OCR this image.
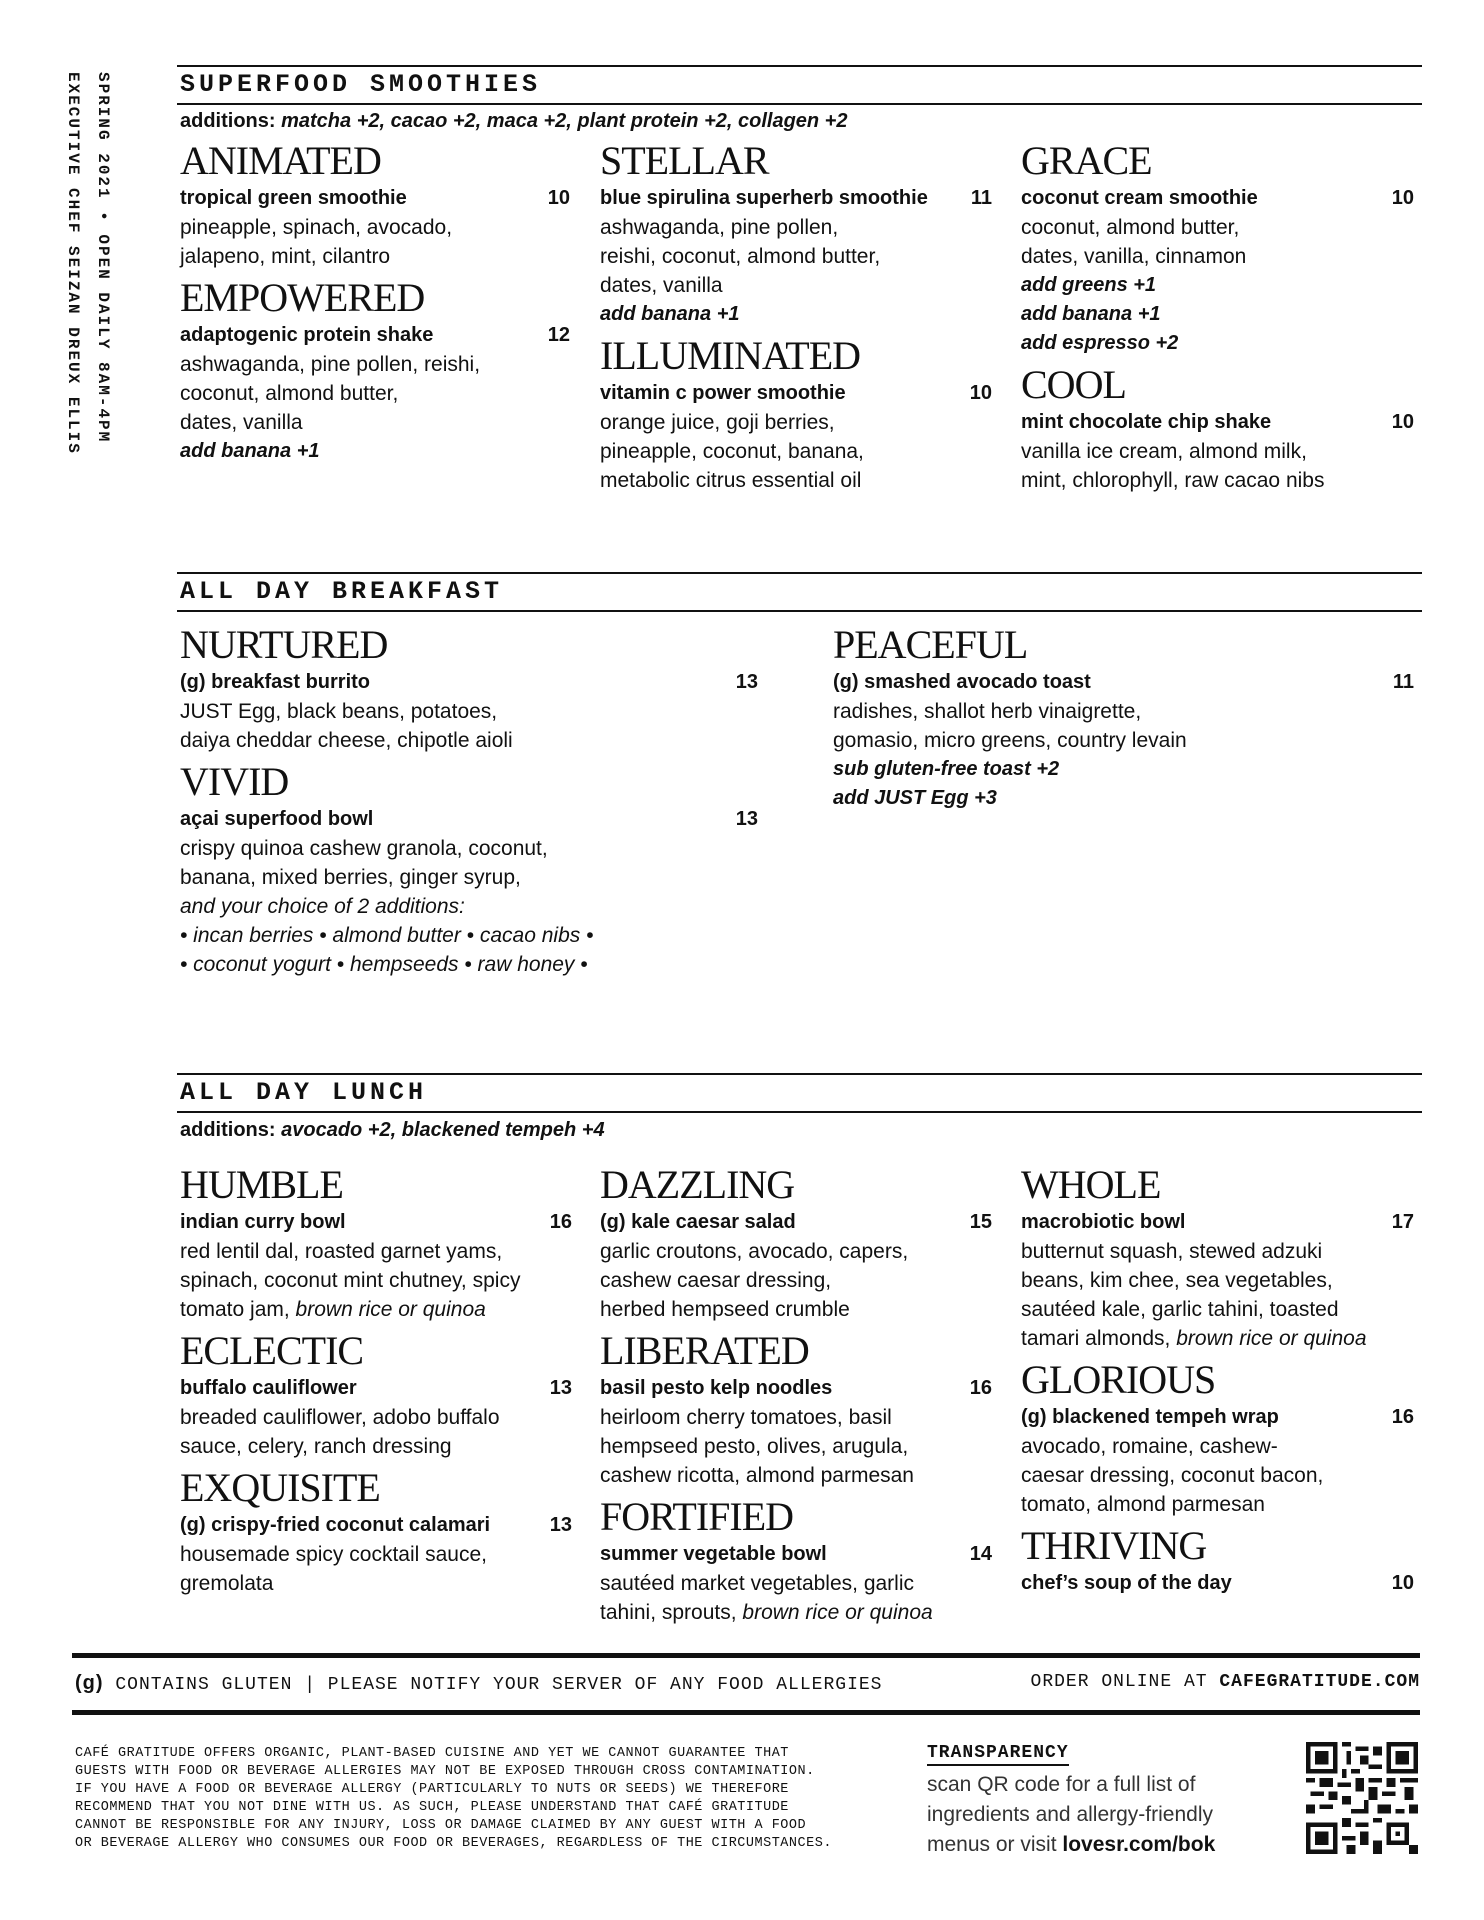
SPRING 2021 • OPEN DAILY 8AM-4PM
EXECUTIVE CHEF SEIZAN DREUX ELLIS	SUPERFOOD SMOOTHIES
additions: matcha +2, cacao +2, maca +2, plant protein +2, collagen +2
ANIMATED
tropical green smoothie	10
pineapple, spinach, avocado,
jalapeno, mint, cilantro
EMPOWERED
adaptogenic protein shake	12
ashwaganda, pine pollen, reishi,
coconut, almond butter,
dates, vanilla
add banana +1
STELLAR
blue spirulina superherb smoothie 11
ashwaganda, pine pollen,
reishi, coconut, almond butter,
dates, vanilla
add banana +1
ILLUMINATED
vitamin c power smoothie	10
orange juice, goji berries,
pineapple, coconut, banana,
metabolic citrus essential oil
GRACE
coconut cream smoothie	10
coconut, almond butter,
dates, vanilla, cinnamon
add greens +1
add banana +1
add espresso +2
COOL
mint chocolate chip shake	10
vanilla ice cream, almond milk,
mint, chlorophyll, raw cacao nibs
ALL DAY BREAKFAST
NURTURED
(g) breakfast burrito	13
JUST Egg, black beans, potatoes,
daiya cheddar cheese, chipotle aioli
VIVID
açai superfood bowl	13
crispy quinoa cashew granola, coconut,
banana, mixed berries, ginger syrup,
and your choice of 2 additions:
• incan berries • almond butter • cacao nibs •
• coconut yogurt • hempseeds • raw honey •
PEACEFUL
(g) smashed avocado toast	11
radishes, shallot herb vinaigrette,
gomasio, micro greens, country levain
sub gluten-free toast +2
add JUST Egg +3
ALL DAY LUNCH
additions: avocado +2, blackened tempeh +4
HUMBLE
indian curry bowl	16
red lentil dal, roasted garnet yams,
spinach, coconut mint chutney, spicy
tomato jam, brown rice or quinoa
ECLECTIC
buffalo cauliflower	13
breaded cauliflower, adobo buffalo
sauce, celery, ranch dressing
EXQUISITE
(g) crispy-fried coconut calamari	13
housemade spicy cocktail sauce,
gremolata
DAZZLING
(g) kale caesar salad	15
garlic croutons, avocado, capers,
cashew caesar dressing,
herbed hempseed crumble
LIBERATED
basil pesto kelp noodles	16
heirloom cherry tomatoes, basil
hempseed pesto, olives, arugula,
cashew ricotta, almond parmesan
FORTIFIED
summer vegetable bowl	14
sautéed market vegetables, garlic
tahini, sprouts, brown rice or quinoa
WHOLE
macrobiotic bowl	17
butternut squash, stewed adzuki
beans, kim chee, sea vegetables,
sautéed kale, garlic tahini, toasted
tamari almonds, brown rice or quinoa
GLORIOUS
(g) blackened tempeh wrap	16
avocado, romaine, cashew-
caesar dressing, coconut bacon,
tomato, almond parmesan
THRIVING
chef’s soup of the day	10
(g) CONTAINS GLUTEN | PLEASE NOTIFY YOUR SERVER OF ANY FOOD ALLERGIES	ORDER ONLINE AT CAFEGRATITUDE.COM
CAFÉ GRATITUDE OFFERS ORGANIC, PLANT-BASED CUISINE AND YET WE CANNOT GUARANTEE THAT
GUESTS WITH FOOD OR BEVERAGE ALLERGIES MAY NOT BE EXPOSED THROUGH CROSS CONTAMINATION.
IF YOU HAVE A FOOD OR BEVERAGE ALLERGY (PARTICULARLY TO NUTS OR SEEDS) WE THEREFORE
RECOMMEND THAT YOU NOT DINE WITH US. AS SUCH, PLEASE UNDERSTAND THAT CAFÉ GRATITUDE
CANNOT BE RESPONSIBLE FOR ANY INJURY, LOSS OR DAMAGE CLAIMED BY ANY GUEST WITH A FOOD
OR BEVERAGE ALLERGY WHO CONSUMES OUR FOOD OR BEVERAGES, REGARDLESS OF THE CIRCUMSTANCES.
TRANSPARENCY
scan QR code for a full list of
ingredients and allergy-friendly
menus or visit lovesr.com/bok
